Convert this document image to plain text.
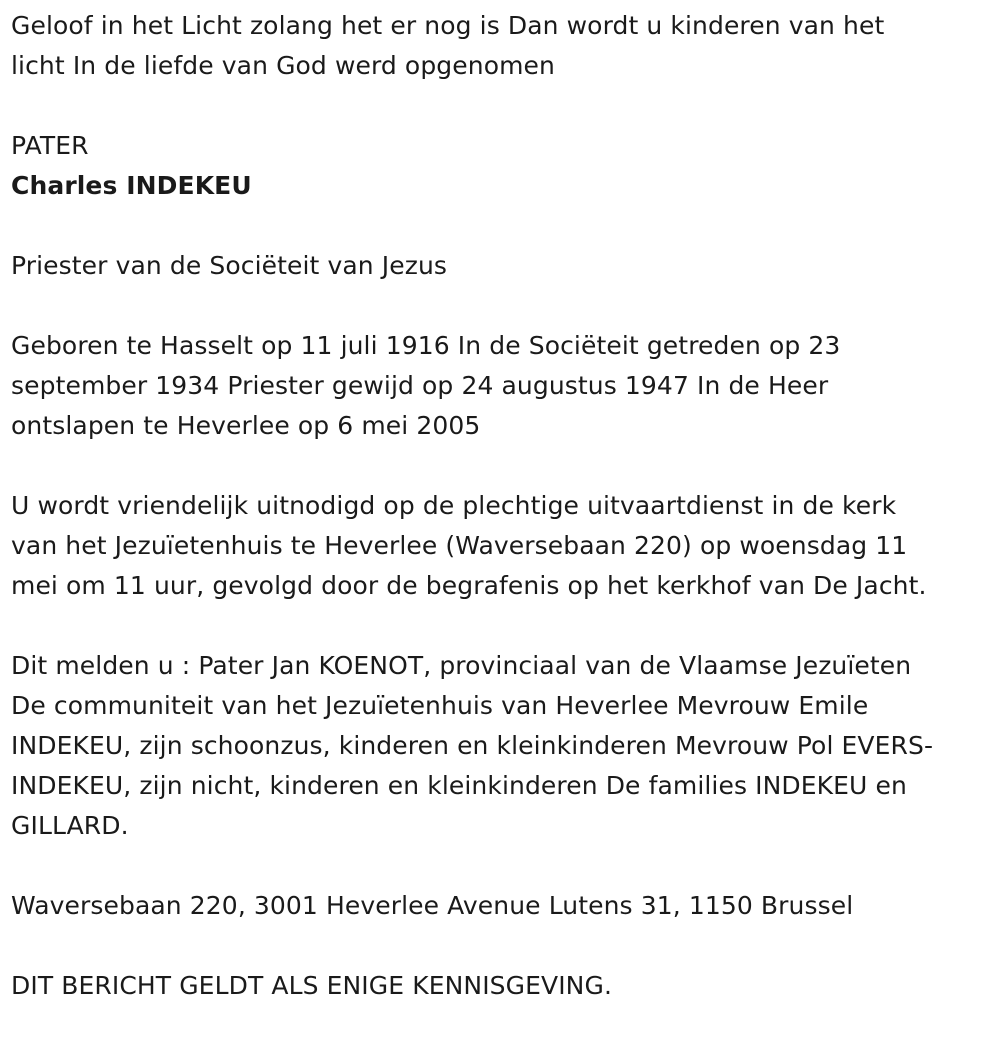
Geloof in het Licht zolang het er nog is Dan wordt u kinderen van het
licht In de liefde van God werd opgenomen

PATER
Charles INDEKEU

Priester van de Sociëteit van Jezus

Geboren te Hasselt op 11 juli 1916 In de Sociëteit getreden op 23
september 1934 Priester gewijd op 24 augustus 1947 In de Heer
ontslapen te Heverlee op 6 mei 2005

U wordt vriendelijk uitnodigd op de plechtige uitvaartdienst in de kerk
van het Jezuïetenhuis te Heverlee (Waversebaan 220) op woensdag 11
mei om 11 uur, gevolgd door de begrafenis op het kerkhof van De Jacht.

Dit melden u : Pater Jan KOENOT, provinciaal van de Vlaamse Jezuïeten
De communiteit van het Jezuïetenhuis van Heverlee Mevrouw Emile
INDEKEU, zijn schoonzus, kinderen en kleinkinderen Mevrouw Pol EVERS-
INDEKEU, zijn nicht, kinderen en kleinkinderen De families INDEKEU en
GILLARD.

Waversebaan 220, 3001 Heverlee Avenue Lutens 31, 1150 Brussel

DIT BERICHT GELDT ALS ENIGE KENNISGEVING.
